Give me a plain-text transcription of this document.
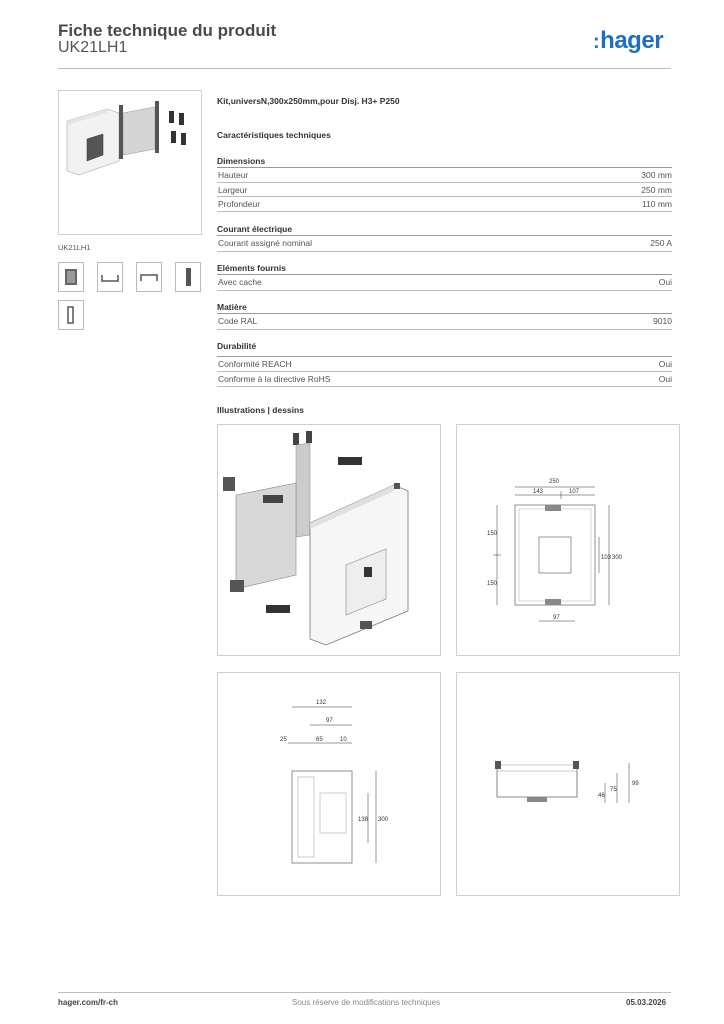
Fiche technique du produit
UK21LH1	:hager
UK21LH1
Kit,universN,300x250mm,pour Disj. H3+ P250
Caractéristiques techniques
Dimensions
Hauteur	300 mm
Largeur	250 mm
Profondeur	110 mm
Courant électrique
Courant assigné nominal	250 A
Eléments fournis
Avec cache	Oui
Matière
Code RAL	9010
Durabilité
Conformité REACH	Oui
Conforme à la directive RoHS	Oui
Illustrations | dessins
250
143	107
150
150
103 300
97
132
97
25	65	10
138 300
46
75
99
hager.com/fr-ch	Sous réserve de modifications techniques	05.03.2026
